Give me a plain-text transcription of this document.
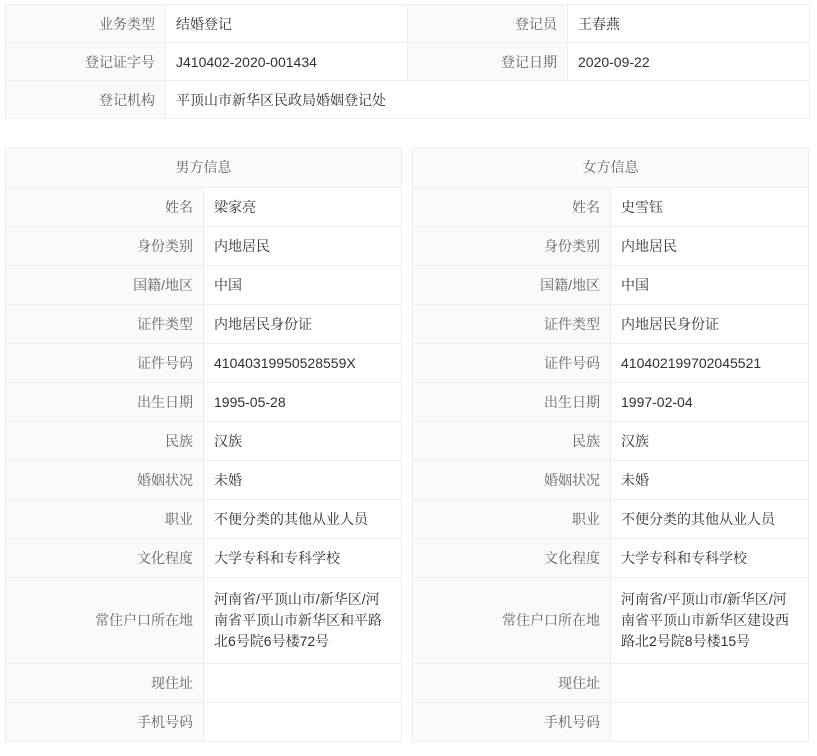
业务类型	结婚登记	登记员	王春燕
登记证字号	J410402-2020-001434	登记日期	2020-09-22
登记机构	平顶山市新华区民政局婚姻登记处		
男方信息	
姓名	梁家亮
身份类别	内地居民
国籍/地区	中国
证件类型	内地居民身份证
证件号码	41040319950528559X
出生日期	1995-05-28
民族	汉族
婚姻状况	未婚
职业	不便分类的其他从业人员
文化程度	大学专科和专科学校
常住户口所在地	河南省/平顶山市/新华区/河南省平顶山市新华区和平路北6号院6号楼72号
现住址	
手机号码	
女方信息	
姓名	史雪钰
身份类别	内地居民
国籍/地区	中国
证件类型	内地居民身份证
证件号码	410402199702045521
出生日期	1997-02-04
民族	汉族
婚姻状况	未婚
职业	不便分类的其他从业人员
文化程度	大学专科和专科学校
常住户口所在地	河南省/平顶山市/新华区/河南省平顶山市新华区建设西路北2号院8号楼15号
现住址	
手机号码	
